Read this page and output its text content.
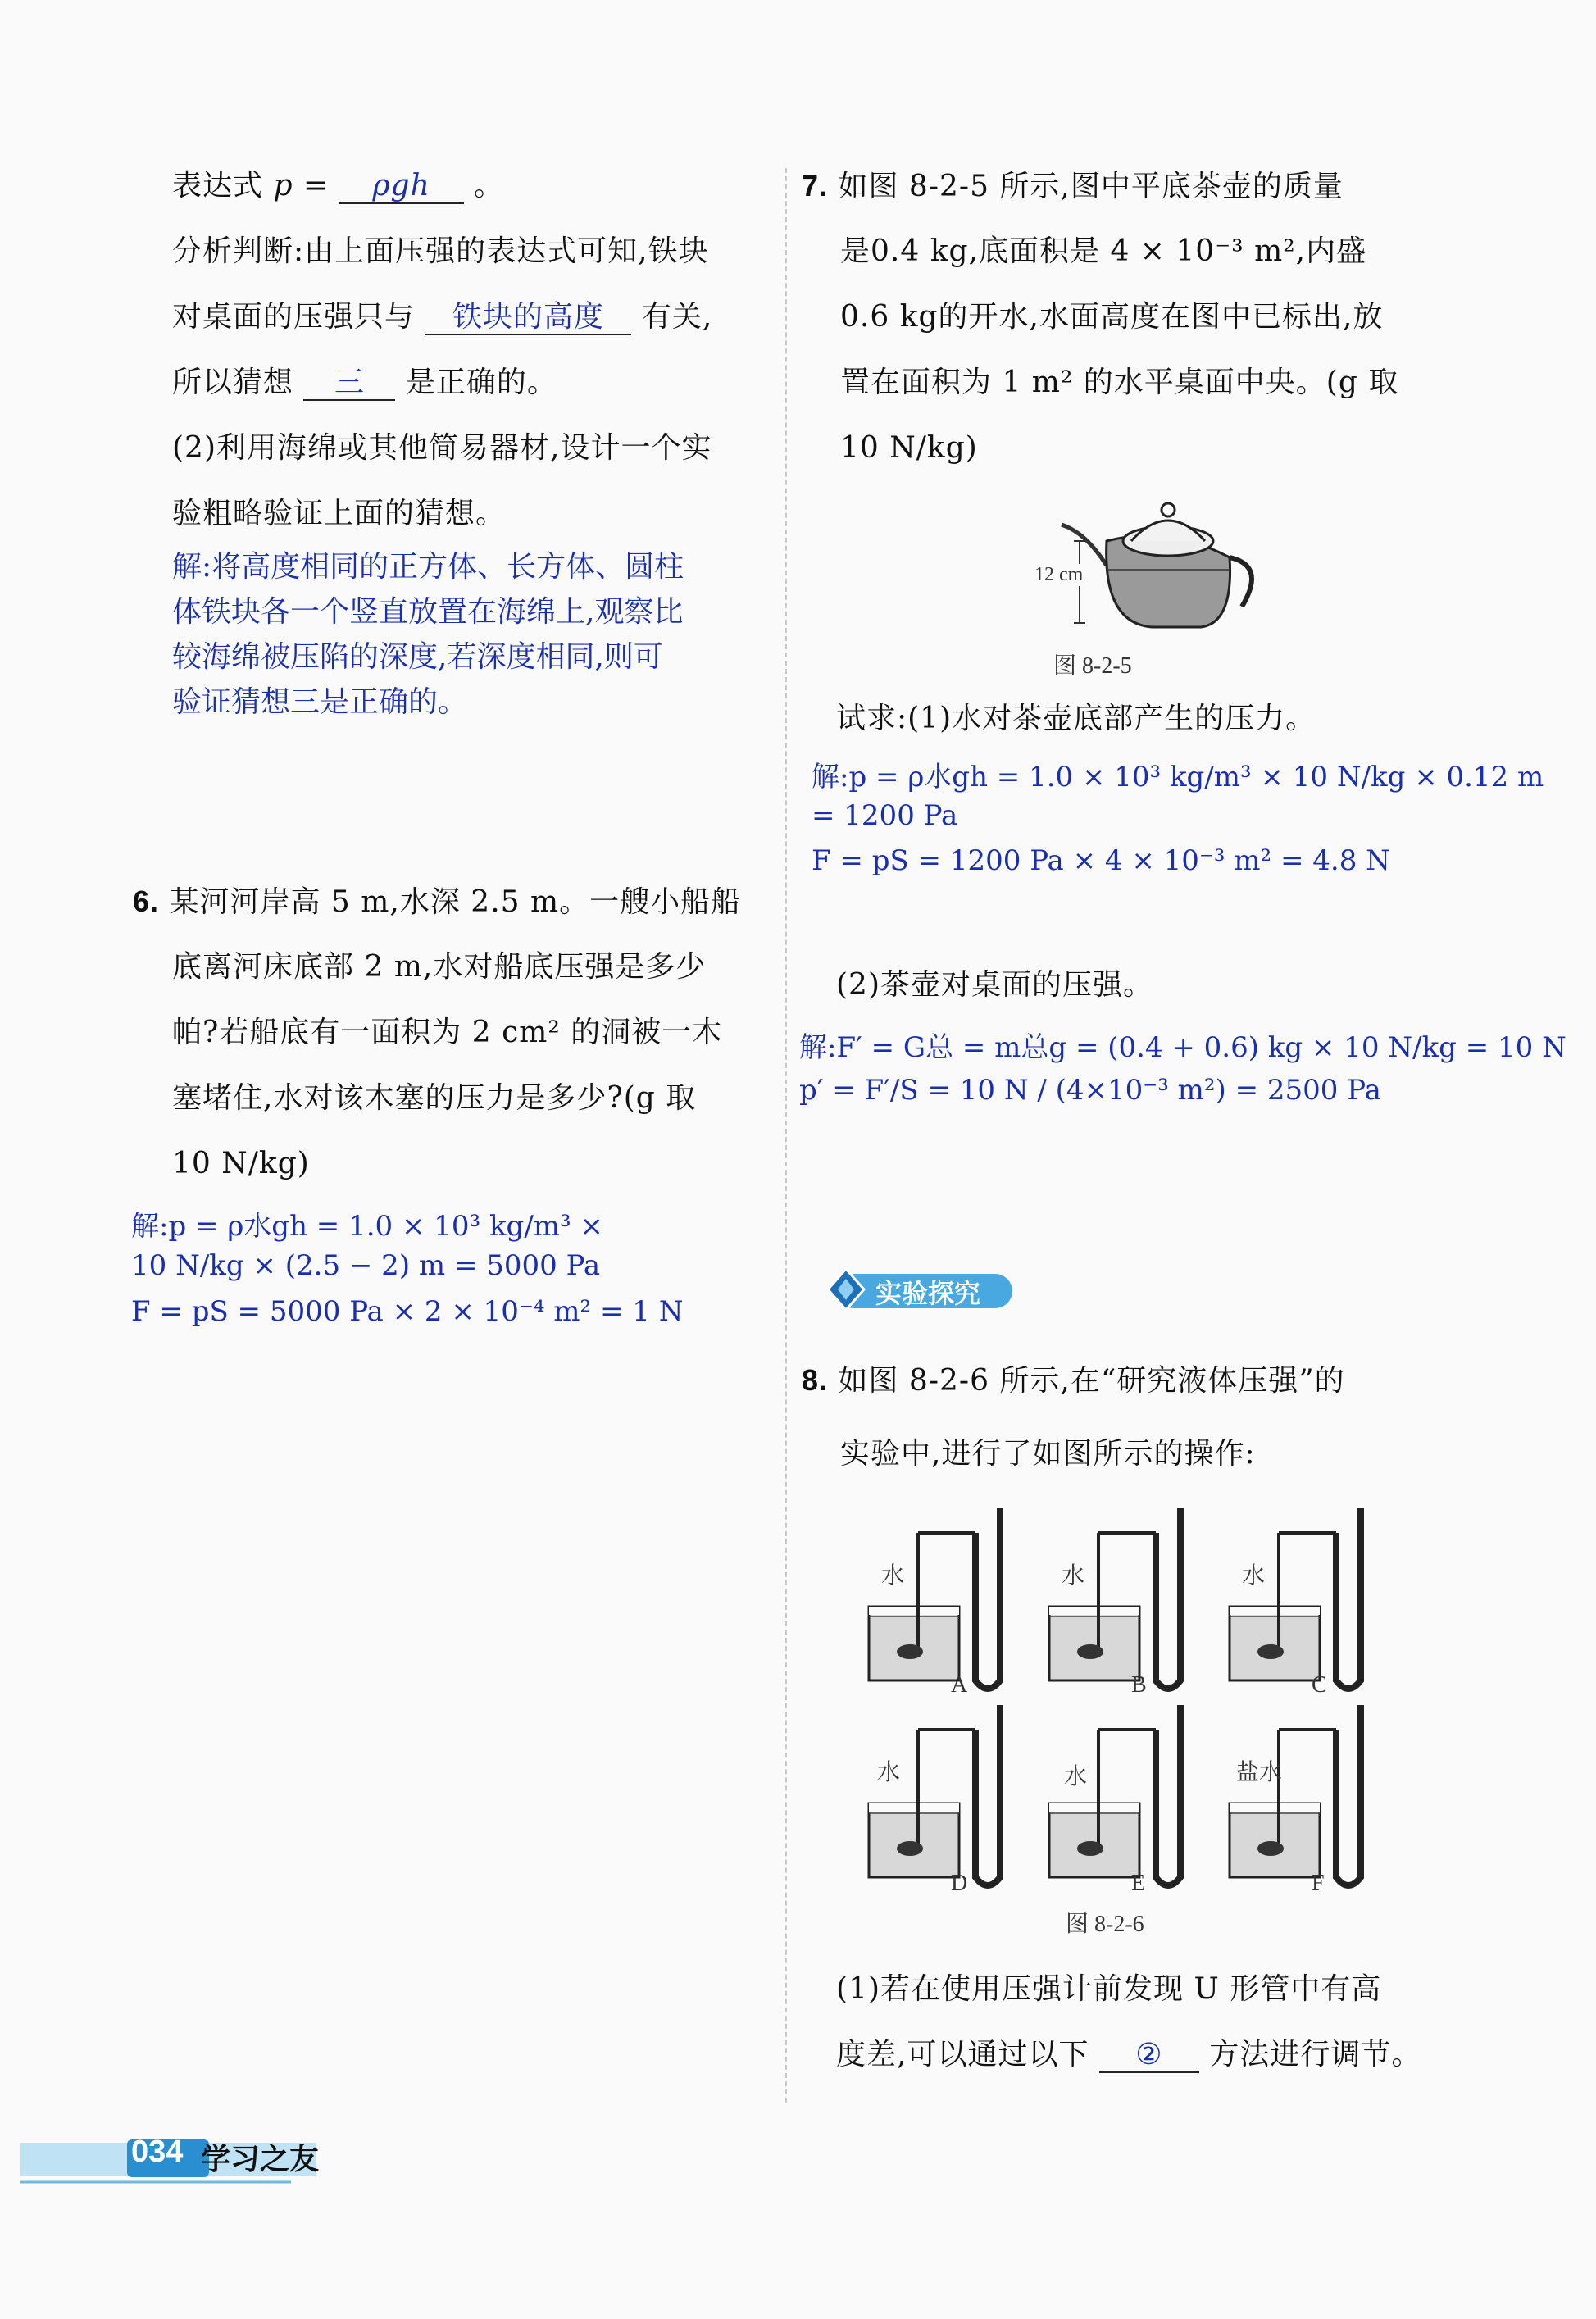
表达式 p = ρgh 。
分析判断:由上面压强的表达式可知,铁块
对桌面的压强只与 铁块的高度 有关,
所以猜想 三 是正确的。
(2)利用海绵或其他简易器材,设计一个实
验粗略验证上面的猜想。
解:将高度相同的正方体、长方体、圆柱
体铁块各一个竖直放置在海绵上,观察比
较海绵被压陷的深度,若深度相同,则可
验证猜想三是正确的。
6. 某河河岸高 5 m,水深 2.5 m。一艘小船船
底离河床底部 2 m,水对船底压强是多少
帕?若船底有一面积为 2 cm² 的洞被一木
塞堵住,水对该木塞的压力是多少?(g 取
10 N/kg)
解:p = ρ水gh = 1.0 × 10³ kg/m³ ×
10 N/kg × (2.5 − 2) m = 5000 Pa
F = pS = 5000 Pa × 2 × 10⁻⁴ m² = 1 N
7. 如图 8-2-5 所示,图中平底茶壶的质量
是0.4 kg,底面积是 4 × 10⁻³ m²,内盛
0.6 kg的开水,水面高度在图中已标出,放
置在面积为 1 m² 的水平桌面中央。(g 取
10 N/kg)
12 cm
图 8-2-5
试求:(1)水对茶壶底部产生的压力。
解:p = ρ水gh = 1.0 × 10³ kg/m³ × 10 N/kg × 0.12 m
= 1200 Pa
F = pS = 1200 Pa × 4 × 10⁻³ m² = 4.8 N
(2)茶壶对桌面的压强。
解:F′ = G总 = m总g = (0.4 + 0.6) kg × 10 N/kg = 10 N
p′ = F′/S = 10 N / (4×10⁻³ m²) = 2500 Pa
实验探究
8. 如图 8-2-6 所示,在“研究液体压强”的
实验中,进行了如图所示的操作:
水	水	水
水	水	盐水
A	B	C
D	E	F
图 8-2-6
(1)若在使用压强计前发现 U 形管中有高
度差,可以通过以下 ② 方法进行调节。
034 学习之友
